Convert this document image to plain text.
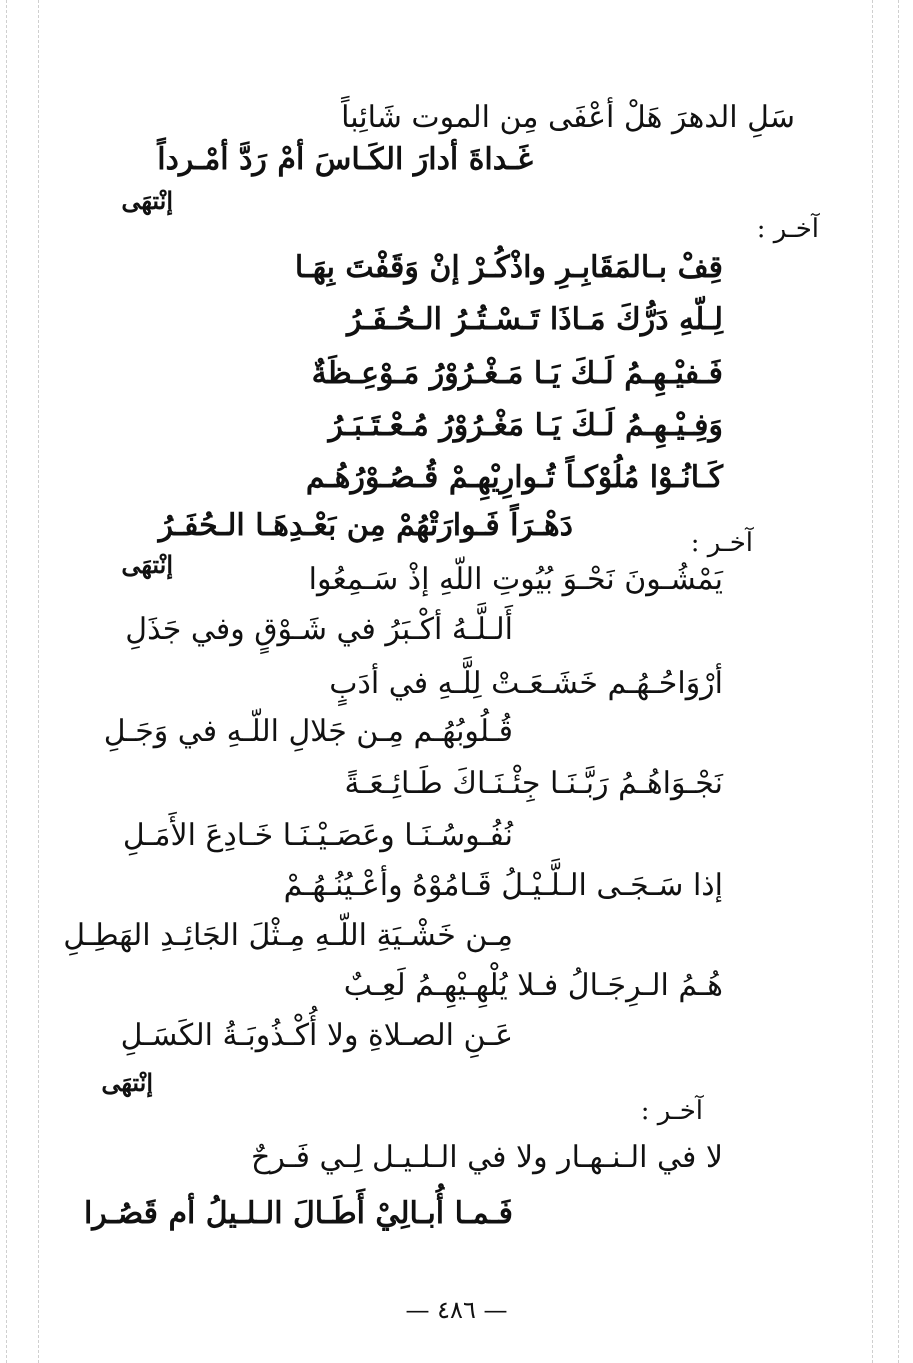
سَلِ الدهرَ هَلْ أعْفَى مِن الموت شَائِباً
غَـداةَ أدارَ الكَـاسَ أمْ رَدَّ أمْـرداً
إنْتهَى
آخـر :
قِفْ بـالمَقَابِـرِ واذْكُـرْ إنْ وَقَفْتَ بِهَـا
لِـلّهِ دَرُّكَ مَـاذَا تَـسْـتُـرُ الـحُـفَـرُ
فَـفيْـهِـمُ لَـكَ يَـا مَـغْـرُوْرُ مَـوْعِـظَةٌ
وَفِـيْـهِـمُ لَـكَ يَـا مَغْـرُوْرُ مُـعْـتَـبَـرُ
كَـانُـوْا مُلُوْكـاً تُـوارِيْهِـمْ قُـصُـوْرُهُـم
دَهْـرَاً فَـوارَتْهُمْ مِن بَعْـدِهَـا الـحُفَـرُ	آخـر :
إنْتهَى	يَمْشُـونَ نَحْـوَ بُيُوتِ اللّهِ إذْ سَـمِعُوا
أَلـلَّـهُ أكْـبَرُ في شَـوْقٍ وفي جَذَلِ
أرْوَاحُـهُـم خَشَـعَـتْ لِلَّـهِ في أدَبٍ
قُـلُوبُهُـم مِـن جَلالِ اللّـهِ في وَجَـلِ
نَجْـوَاهُـمُ رَبَّـنَـا جِئْـنَـاكَ طَـائِـعَـةً
نُفُـوسُـنَـا وعَصَـيْـنَـا خَـادِعَ الأَمَـلِ
إذا سَـجَـى الـلَّـيْـلُ قَـامُوْهُ وأعْـيُنُـهُـمْ
مِـن خَشْـيَةِ اللّـهِ مِـثْلَ الجَائِـدِ الهَطِـلِ
هُـمُ الـرِجَـالُ فـلا يُلْهِـيْهِـمُ لَعِـبٌ
عَـنِ الصـلاةِ ولا أُكْـذُوبَـةُ الكَسَـلِ
إنْتهَى
آخـر :
لا في الـنـهـار ولا في الـلـيـل لِـي فَـرحٌ
فَـمـا أُبـالِيْ أَطَـالَ الـلـيلُ أم قَصُـرا
— ٤٨٦ —
